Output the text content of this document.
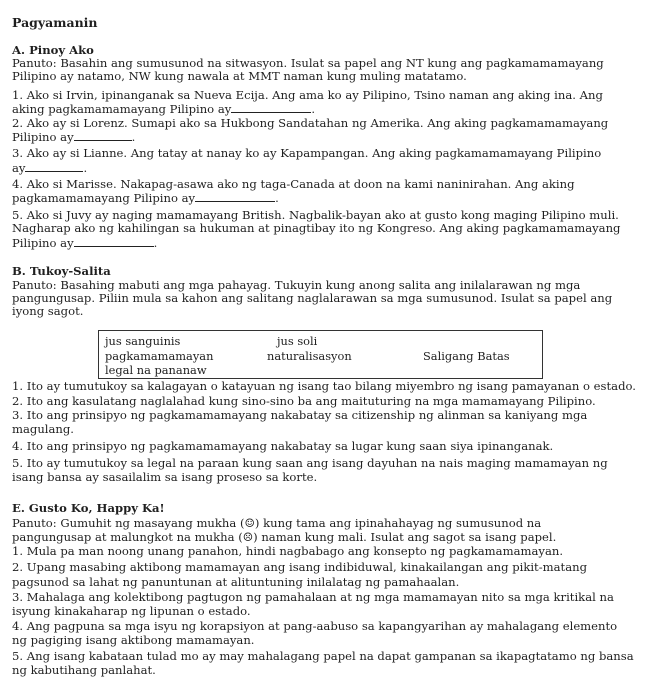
Pagyamanin
A. Pinoy Ako
Panuto: Basahin ang sumusunod na sitwasyon. Isulat sa papel ang NT kung ang pagkamamamayang
Pilipino ay natamo, NW kung nawala at MMT naman kung muling matatamo.
1. Ako si Irvin, ipinanganak sa Nueva Ecija. Ang ama ko ay Pilipino, Tsino naman ang aking ina. Ang
aking pagkamamamayang Pilipino ay	.
2. Ako ay si Lorenz. Sumapi ako sa Hukbong Sandatahan ng Amerika. Ang aking pagkamamamayang
Pilipino ay	.
3. Ako ay si Lianne. Ang tatay at nanay ko ay Kapampangan. Ang aking pagkamamamayang Pilipino
ay	.
4. Ako si Marisse. Nakapag-asawa ako ng taga-Canada at doon na kami naninirahan. Ang aking
pagkamamamayang Pilipino ay	.
5. Ako si Juvy ay naging mamamayang British. Nagbalik-bayan ako at gusto kong maging Pilipino muli.
Nagharap ako ng kahilingan sa hukuman at pinagtibay ito ng Kongreso. Ang aking pagkamamamayang
Pilipino ay	.
B. Tukoy-Salita
Panuto: Basahing mabuti ang mga pahayag. Tukuyin kung anong salita ang inilalarawan ng mga
pangungusap. Piliin mula sa kahon ang salitang naglalarawan sa mga sumusunod. Isulat sa papel ang
iyong sagot.
jus sanguinis	jus soli
pagkamamamayan	naturalisasyon	Saligang Batas
legal na pananaw
1. Ito ay tumutukoy sa kalagayan o katayuan ng isang tao bilang miyembro ng isang pamayanan o estado.
2. Ito ang kasulatang naglalahad kung sino-sino ba ang maituturing na mga mamamayang Pilipino.
3. Ito ang prinsipyo ng pagkamamamayang nakabatay sa citizenship ng alinman sa kaniyang mga
magulang.
4. Ito ang prinsipyo ng pagkamamamayang nakabatay sa lugar kung saan siya ipinanganak.
5. Ito ay tumutukoy sa legal na paraan kung saan ang isang dayuhan na nais maging mamamayan ng
isang bansa ay sasailalim sa isang proseso sa korte.
E. Gusto Ko, Happy Ka!
Panuto: Gumuhit ng masayang mukha (☺) kung tama ang ipinahahayag ng sumusunod na
pangungusap at malungkot na mukha (☹) naman kung mali. Isulat ang sagot sa isang papel.
1. Mula pa man noong unang panahon, hindi nagbabago ang konsepto ng pagkamamamayan.
2. Upang masabing aktibong mamamayan ang isang indibiduwal, kinakailangan ang pikit-matang
pagsunod sa lahat ng panuntunan at alituntuning inilalatag ng pamahaalan.
3. Mahalaga ang kolektibong pagtugon ng pamahalaan at ng mga mamamayan nito sa mga kritikal na
isyung kinakaharap ng lipunan o estado.
4. Ang pagpuna sa mga isyu ng korapsiyon at pang-aabuso sa kapangyarihan ay mahalagang elemento
ng pagiging isang aktibong mamamayan.
5. Ang isang kabataan tulad mo ay may mahalagang papel na dapat gampanan sa ikapagtatamo ng bansa
ng kabutihang panlahat.
